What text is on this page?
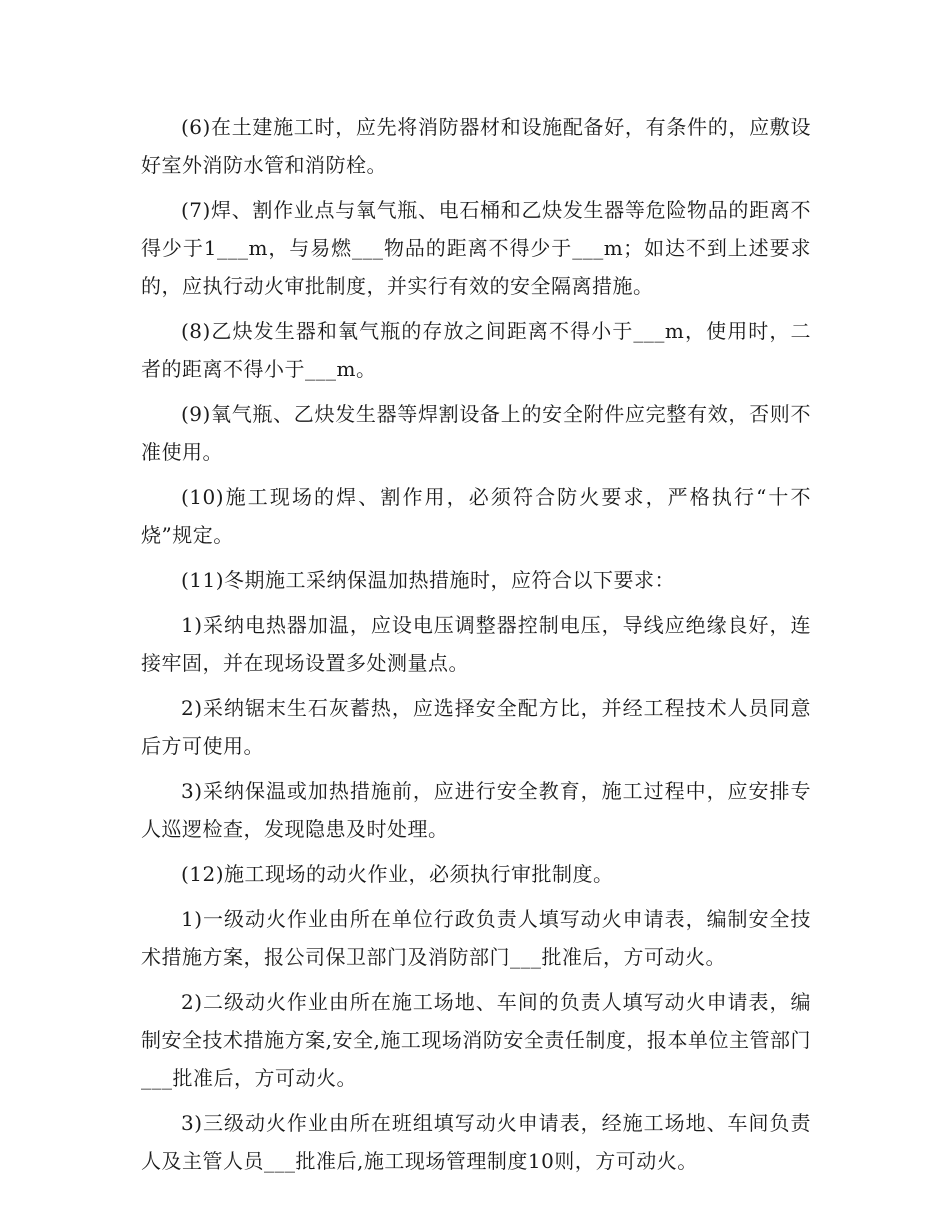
(6)在土建施工时，应先将消防器材和设施配备好，有条件的，应敷设好室外消防水管和消防栓。

(7)焊、割作业点与氧气瓶、电石桶和乙炔发生器等危险物品的距离不得少于1___m，与易燃___物品的距离不得少于___m；如达不到上述要求的，应执行动火审批制度，并实行有效的安全隔离措施。

(8)乙炔发生器和氧气瓶的存放之间距离不得小于___m，使用时，二者的距离不得小于___m。

(9)氧气瓶、乙炔发生器等焊割设备上的安全附件应完整有效，否则不准使用。

(10)施工现场的焊、割作用，必须符合防火要求，严格执行“十不烧”规定。

(11)冬期施工采纳保温加热措施时，应符合以下要求：

1)采纳电热器加温，应设电压调整器控制电压，导线应绝缘良好，连接牢固，并在现场设置多处测量点。

2)采纳锯末生石灰蓄热，应选择安全配方比，并经工程技术人员同意后方可使用。

3)采纳保温或加热措施前，应进行安全教育，施工过程中，应安排专人巡逻检查，发现隐患及时处理。

(12)施工现场的动火作业，必须执行审批制度。

1)一级动火作业由所在单位行政负责人填写动火申请表，编制安全技术措施方案，报公司保卫部门及消防部门___批准后，方可动火。

2)二级动火作业由所在施工场地、车间的负责人填写动火申请表，编制安全技术措施方案,安全,施工现场消防安全责任制度，报本单位主管部门___批准后，方可动火。

3)三级动火作业由所在班组填写动火申请表，经施工场地、车间负责人及主管人员___批准后,施工现场管理制度10则，方可动火。
